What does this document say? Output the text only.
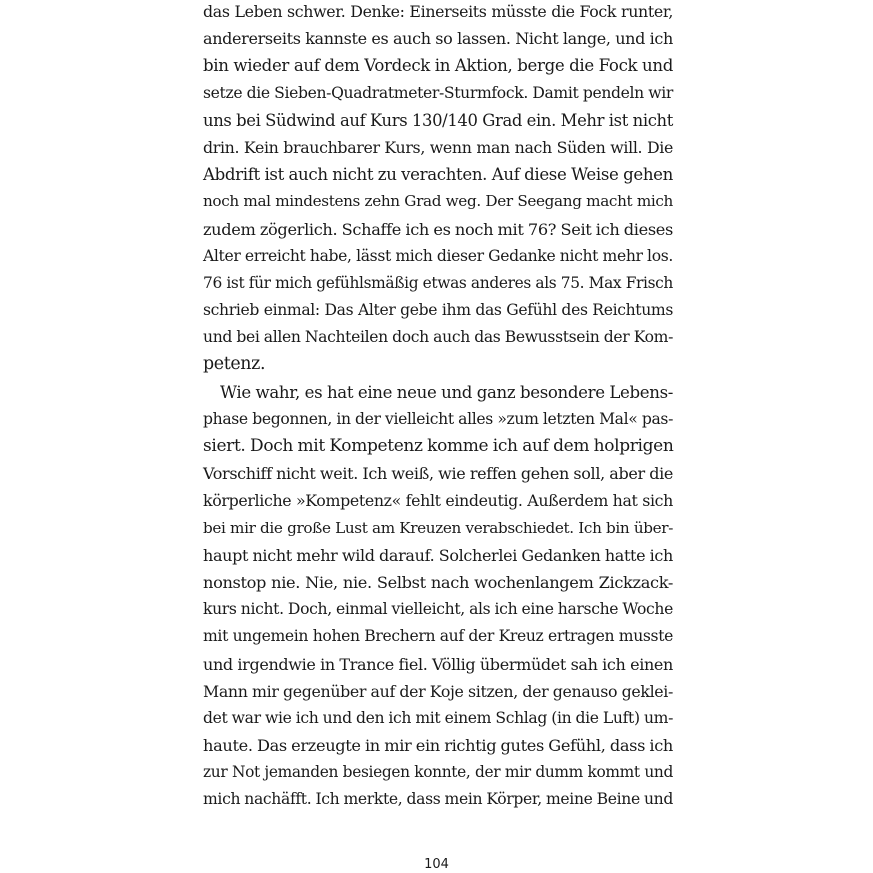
das Leben schwer. Denke: Einerseits müsste die Fock runter,
andererseits kannste es auch so lassen. Nicht lange, und ich
bin wieder auf dem Vordeck in Aktion, berge die Fock und
setze die Sieben-Quadratmeter-Sturmfock. Damit pendeln wir
uns bei Südwind auf Kurs 130/140 Grad ein. Mehr ist nicht
drin. Kein brauchbarer Kurs, wenn man nach Süden will. Die
Abdrift ist auch nicht zu verachten. Auf diese Weise gehen
noch mal mindestens zehn Grad weg. Der Seegang macht mich
zudem zögerlich. Schaffe ich es noch mit 76? Seit ich dieses
Alter erreicht habe, lässt mich dieser Gedanke nicht mehr los.
76 ist für mich gefühlsmäßig etwas anderes als 75. Max Frisch
schrieb einmal: Das Alter gebe ihm das Gefühl des Reichtums
und bei allen Nachteilen doch auch das Bewusstsein der Kom-
petenz.
Wie wahr, es hat eine neue und ganz besondere Lebens-
phase begonnen, in der vielleicht alles »zum letzten Mal« pas-
siert. Doch mit Kompetenz komme ich auf dem holprigen
Vorschiff nicht weit. Ich weiß, wie reffen gehen soll, aber die
körperliche »Kompetenz« fehlt eindeutig. Außerdem hat sich
bei mir die große Lust am Kreuzen verabschiedet. Ich bin über-
haupt nicht mehr wild darauf. Solcherlei Gedanken hatte ich
nonstop nie. Nie, nie. Selbst nach wochenlangem Zickzack-
kurs nicht. Doch, einmal vielleicht, als ich eine harsche Woche
mit ungemein hohen Brechern auf der Kreuz ertragen musste
und irgendwie in Trance fiel. Völlig übermüdet sah ich einen
Mann mir gegenüber auf der Koje sitzen, der genauso geklei-
det war wie ich und den ich mit einem Schlag (in die Luft) um-
haute. Das erzeugte in mir ein richtig gutes Gefühl, dass ich
zur Not jemanden besiegen konnte, der mir dumm kommt und
mich nachäfft. Ich merkte, dass mein Körper, meine Beine und
104
